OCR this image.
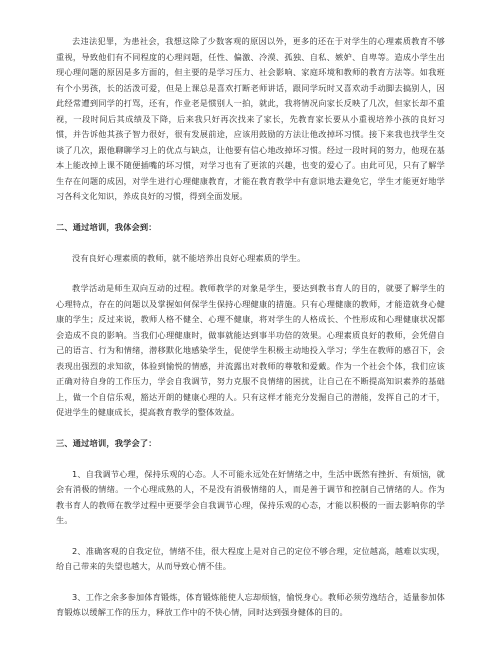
去违法犯罪，为患社会，我想这除了少数客观的原因以外，更多的还在于对学生的心理素质教育不够重视，导致他们有不同程度的心理问题，任性、偏激、冷漠、孤独、自私、嫉妒、自卑等。造成小学生出现心理问题的原因是多方面的，但主要的是学习压力、社会影响、家庭环境和教师的教育方法等。如我班有个小男孩，长的活泼可爱，但是上课总是喜欢打断老师讲话，跟同学玩时又喜欢动手动脚去搞别人，因此经常遭到同学的打骂，还有，作业老是惯别人一拍，就此，我将情况向家长反映了几次，但家长却不重视，一段时间后其成绩及下降，后来我只好再次找来了家长，先教育家长要从小重视培养小孩的良好习惯，并告诉他其孩子智力很好，很有发展前途，应该用鼓励的方法让他改掉坏习惯。接下来我也找学生交谈了几次，跟他聊聊学习上的优点与缺点，让他要有信心地改掉坏习惯。经过一段时间的努力，他现在基本上能改掉上课不随便插嘴的坏习惯，对学习也有了更浓的兴趣，也变的爱心了。由此可见，只有了解学生存在问题的成因，对学生进行心理健康教育，才能在教育教学中有意识地去避免它，学生才能更好地学习各科文化知识，养成良好的习惯，得到全面发展。

二、通过培训，我体会到：

没有良好心理素质的教师，就不能培养出良好心理素质的学生。

教学活动是师生双向互动的过程。教师教学的对象是学生，要达到教书育人的目的，就要了解学生的心理特点，存在的问题以及掌握如何保学生保持心理健康的措施。只有心理健康的教师，才能造就身心健康的学生；反过来说，教师人格不健全、心理不健康，将对学生的人格成长、个性形成和心理健康状况都会造成不良的影响。当我们心理健康时，做事就能达到事半功倍的效果。心理素质良好的教师，会凭借自己的语言、行为和情绪，潜移默化地感染学生，促使学生积极主动地投入学习；学生在教师的感召下，会表现出强烈的求知欲，体验到愉悦的情感，并流露出对教师的尊敬和爱戴。作为一个社会个体，我们应该正确对待自身的工作压力，学会自我调节，努力克服不良情绪的困扰，让自己在不断提高知识素养的基础上，做一个自信乐观，豁达开朗的健康心理的人。只有这样才能充分发掘自己的潜能，发挥自己的才干，促进学生的健康成长，提高教育教学的整体效益。

三、通过培训，我学会了：

1、自我调节心理，保持乐观的心态。人不可能永远处在好情绪之中，生活中既然有挫折、有烦恼，就会有消极的情绪。一个心理成熟的人，不是没有消极情绪的人，而是善于调节和控制自己情绪的人。作为教书育人的教师在教学过程中更要学会自我调节心理，保持乐观的心态，才能以积极的一面去影响你的学生。

2、准确客观的自我定位，情绪不佳，很大程度上是对自己的定位不够合理，定位越高，越难以实现，给自己带来的失望也越大，从而导致心情不佳。

3、工作之余多参加体育锻炼，体育锻炼能使人忘却烦恼，愉悦身心。教师必须劳逸结合，适量参加体育锻炼以缓解工作的压力，释放工作中的不快心情，同时达到强身健体的目的。
